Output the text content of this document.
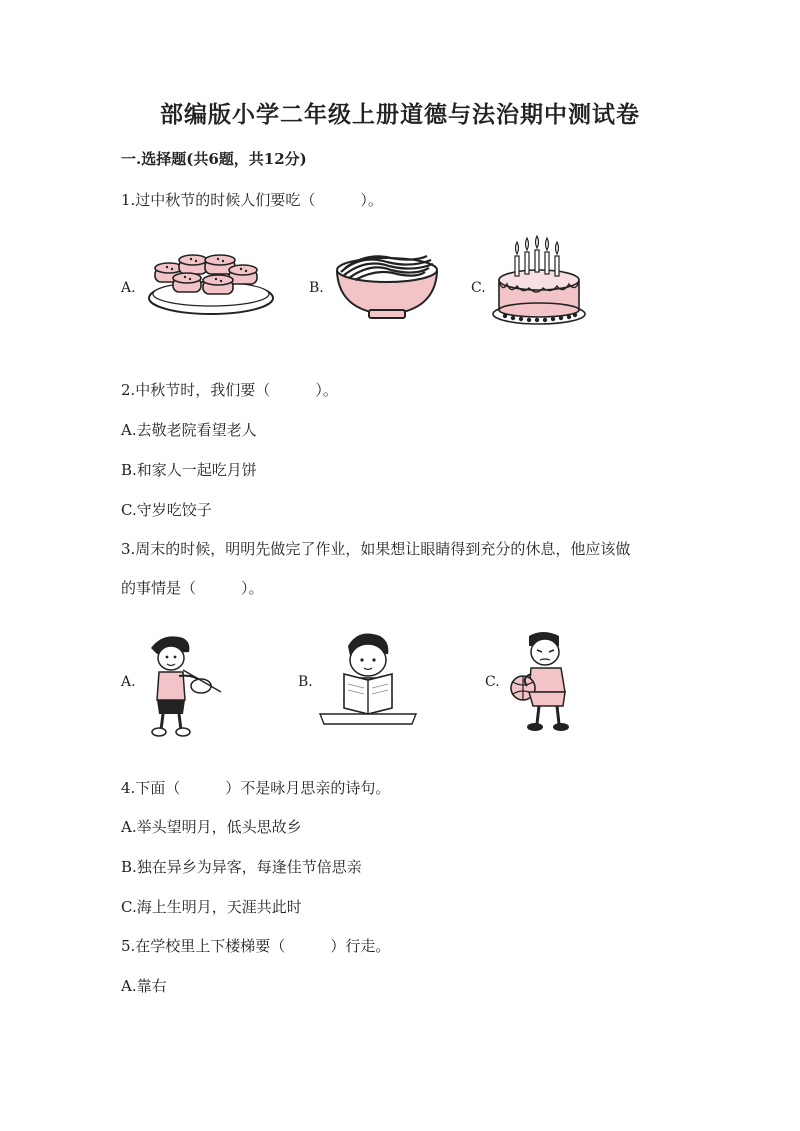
部编版小学二年级上册道德与法治期中测试卷
一.选择题(共6题，共12分)
1.过中秋节的时候人们要吃（　　　）。
A.	B.	C.
2.中秋节时，我们要（　　　）。
A.去敬老院看望老人
B.和家人一起吃月饼
C.守岁吃饺子
3.周末的时候，明明先做完了作业，如果想让眼睛得到充分的休息，他应该做
的事情是（　　　）。
A.	B.	C.
4.下面（　　　）不是咏月思亲的诗句。
A.举头望明月，低头思故乡
B.独在异乡为异客，每逢佳节倍思亲
C.海上生明月，天涯共此时
5.在学校里上下楼梯要（　　　）行走。
A.靠右
